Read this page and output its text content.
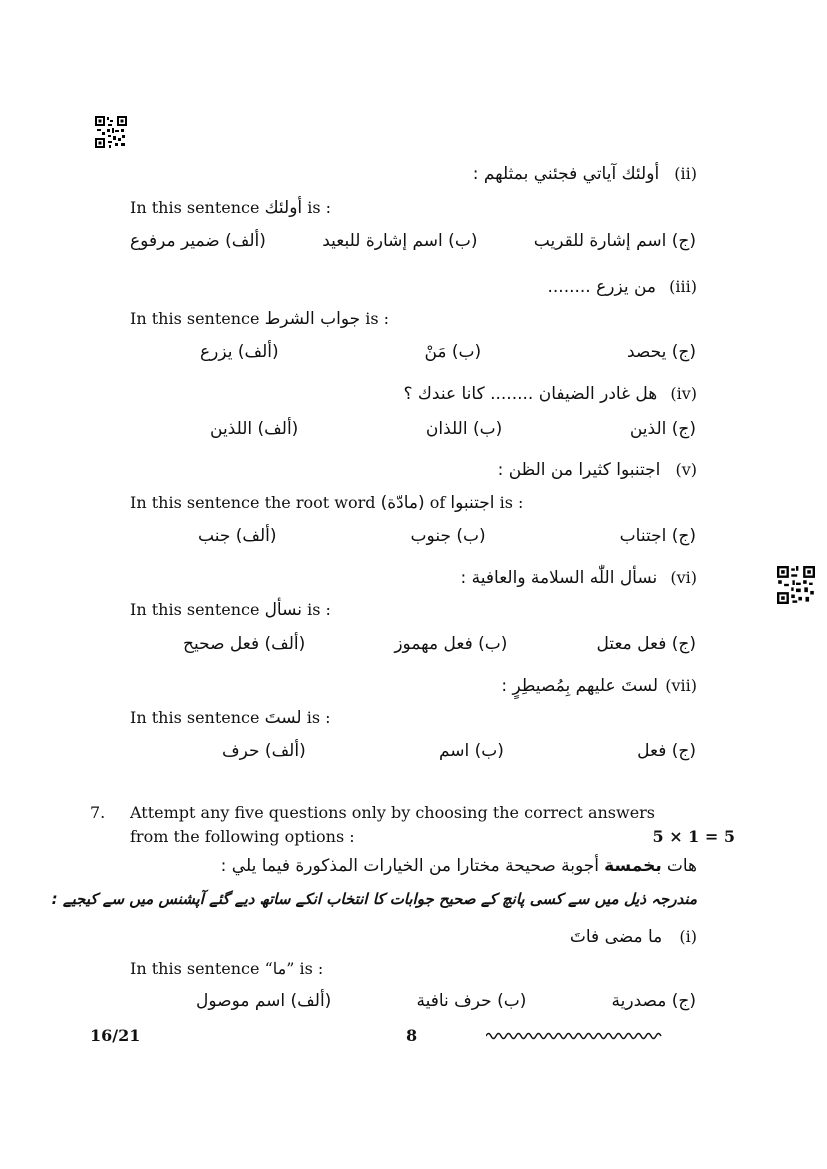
(ii) أولئك آياتي فجئني بمثلهم :
In this sentence أولئك is :
(ألف) ضمير مرفوع	(ب) اسم إشارة للبعيد	(ج) اسم إشارة للقريب
(iii) من يزرع ........
In this sentence جواب الشرط is :
(ألف) يزرع	(ب) مَنْ	(ج) يحصد
(iv) هل غادر الضيفان ........ كانا عندك ؟
(ألف) اللذين	(ب) اللذان	(ج) الذين
(v) اجتنبوا كثيرا من الظن :
In this sentence the root word (مادّة) of اجتنبوا is :
(ألف) جنب	(ب) جنوب	(ج) اجتناب
(vi) نسأل اللّٰه السلامة والعافية :
In this sentence نسأل is :
(ألف) فعل صحيح	(ب) فعل مهموز	(ج) فعل معتل
(vii) لستَ عليهم بِمُصيطِرٍ :
In this sentence لستَ is :
(ألف) حرف	(ب) اسم	(ج) فعل
7. Attempt any five questions only by choosing the correct answers
from the following options :	5 × 1 = 5
هات بخمسة أجوبة صحيحة مختارا من الخيارات المذكورة فيما يلي :
مندرجہ ذیل میں سے کسی پانچ کے صحیح جوابات کا انتخاب انکے ساتھ دیے گئے آپشنس میں سے کیجیے :
(i) ما مضى فاتَ
In this sentence “ما” is :
(ألف) اسم موصول	(ب) حرف نافية	(ج) مصدرية
16/21	8
